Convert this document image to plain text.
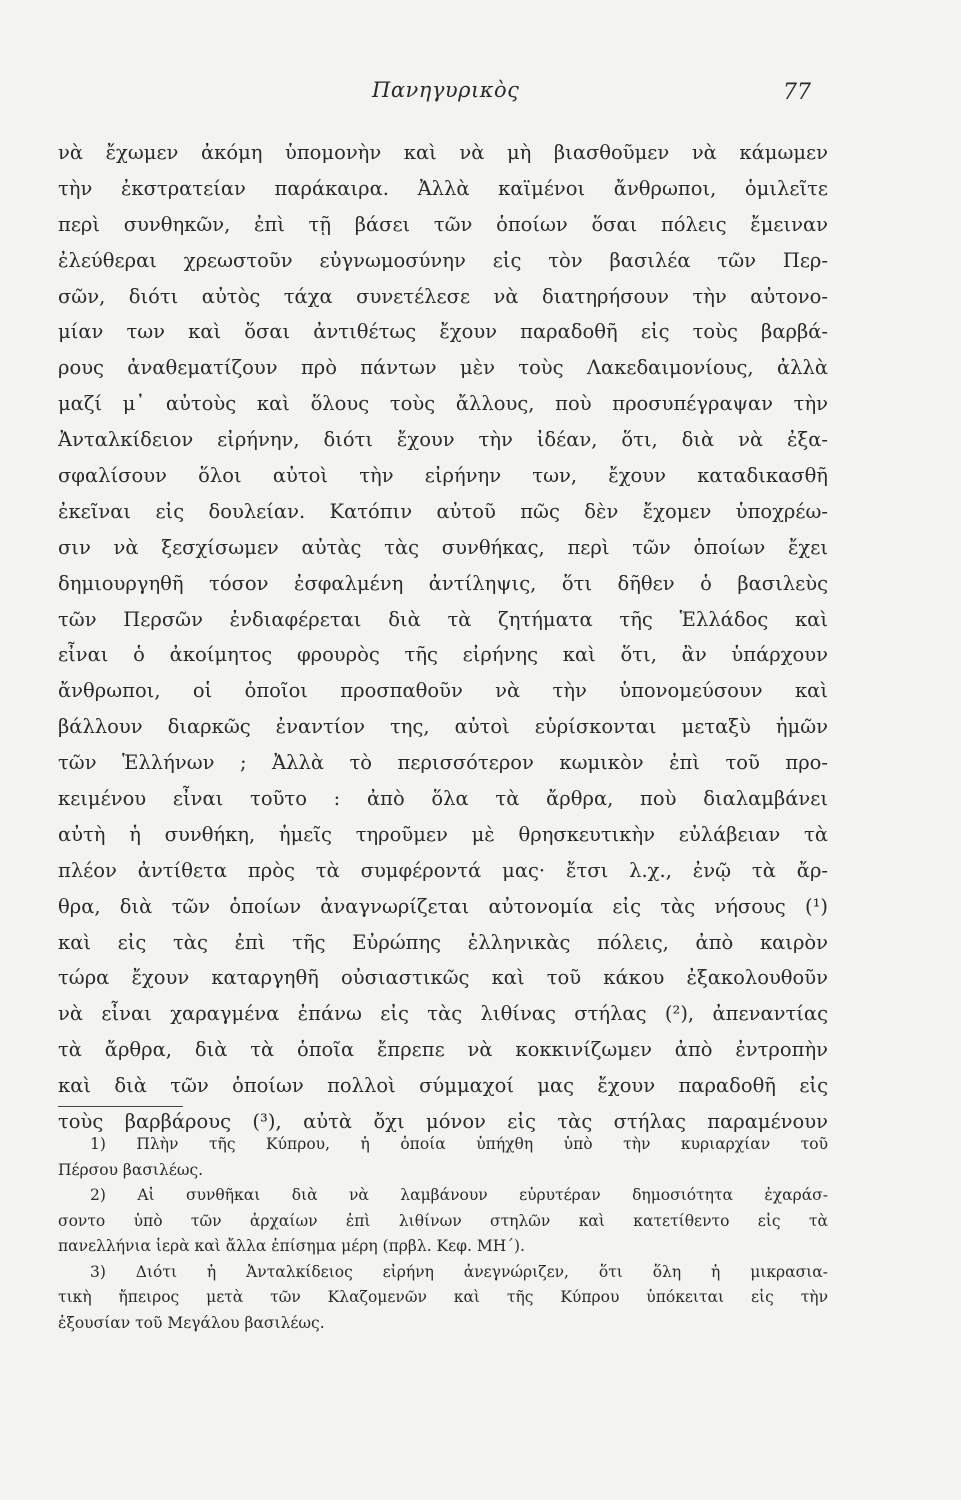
Πανηγυρικὸς	77
νὰ ἔχωμεν ἀκόμη ὑπομονὴν καὶ νὰ μὴ βιασθοῦμεν νὰ κάμωμεν
τὴν ἐκστρατείαν παράκαιρα. Ἀλλὰ καϊμένοι ἄνθρωποι, ὁμιλεῖτε
περὶ συνθηκῶν, ἐπὶ τῇ βάσει τῶν ὁποίων ὅσαι πόλεις ἔμειναν
ἐλεύθεραι χρεωστοῦν εὐγνωμοσύνην εἰς τὸν βασιλέα τῶν Περ-
σῶν, διότι αὐτὸς τάχα συνετέλεσε νὰ διατηρήσουν τὴν αὐτονο-
μίαν των καὶ ὅσαι ἀντιθέτως ἔχουν παραδοθῆ εἰς τοὺς βαρβά-
ρους ἀναθεματίζουν πρὸ πάντων μὲν τοὺς Λακεδαιμονίους, ἀλλὰ
μαζί μ᾽ αὐτοὺς καὶ ὅλους τοὺς ἄλλους, ποὺ προσυπέγραψαν τὴν
Ἀνταλκίδειον εἰρήνην, διότι ἔχουν τὴν ἰδέαν, ὅτι, διὰ νὰ ἐξα-
σφαλίσουν ὅλοι αὐτοὶ τὴν εἰρήνην των, ἔχουν καταδικασθῆ
ἐκεῖναι εἰς δουλείαν. Κατόπιν αὐτοῦ πῶς δὲν ἔχομεν ὑποχρέω-
σιν νὰ ξεσχίσωμεν αὐτὰς τὰς συνθήκας, περὶ τῶν ὁποίων ἔχει
δημιουργηθῆ τόσον ἐσφαλμένη ἀντίληψις, ὅτι δῆθεν ὁ βασιλεὺς
τῶν Περσῶν ἐνδιαφέρεται διὰ τὰ ζητήματα τῆς Ἑλλάδος καὶ
εἶναι ὁ ἀκοίμητος φρουρὸς τῆς εἰρήνης καὶ ὅτι, ἂν ὑπάρχουν
ἄνθρωποι, οἱ ὁποῖοι προσπαθοῦν νὰ τὴν ὑπονομεύσουν καὶ
βάλλουν διαρκῶς ἐναντίον της, αὐτοὶ εὑρίσκονται μεταξὺ ἡμῶν
τῶν Ἑλλήνων ; Ἀλλὰ τὸ περισσότερον κωμικὸν ἐπὶ τοῦ προ-
κειμένου εἶναι τοῦτο : ἀπὸ ὅλα τὰ ἄρθρα, ποὺ διαλαμβάνει
αὐτὴ ἡ συνθήκη, ἡμεῖς τηροῦμεν μὲ θρησκευτικὴν εὐλάβειαν τὰ
πλέον ἀντίθετα πρὸς τὰ συμφέροντά μας· ἔτσι λ.χ., ἐνῷ τὰ ἄρ-
θρα, διὰ τῶν ὁποίων ἀναγνωρίζεται αὐτονομία εἰς τὰς νήσους (¹)
καὶ εἰς τὰς ἐπὶ τῆς Εὐρώπης ἑλληνικὰς πόλεις, ἀπὸ καιρὸν
τώρα ἔχουν καταργηθῆ οὐσιαστικῶς καὶ τοῦ κάκου ἐξακολουθοῦν
νὰ εἶναι χαραγμένα ἐπάνω εἰς τὰς λιθίνας στήλας (²), ἀπεναντίας
τὰ ἄρθρα, διὰ τὰ ὁποῖα ἔπρεπε νὰ κοκκινίζωμεν ἀπὸ ἐντροπὴν
καὶ διὰ τῶν ὁποίων πολλοὶ σύμμαχοί μας ἔχουν παραδοθῆ εἰς
τοὺς βαρβάρους (³), αὐτὰ ὄχι μόνον εἰς τὰς στήλας παραμένουν
1) Πλὴν τῆς Κύπρου, ἡ ὁποία ὑπήχθη ὑπὸ τὴν κυριαρχίαν τοῦ
Πέρσου βασιλέως.
2) Αἱ συνθῆκαι διὰ νὰ λαμβάνουν εὐρυτέραν δημοσιότητα ἐχαράσ-
σοντο ὑπὸ τῶν ἀρχαίων ἐπὶ λιθίνων στηλῶν καὶ κατετίθεντο εἰς τὰ
πανελλήνια ἱερὰ καὶ ἄλλα ἐπίσημα μέρη (πρβλ. Κεφ. ΜΗ΄).
3) Διότι ἡ Ἀνταλκίδειος εἰρήνη ἀνεγνώριζεν, ὅτι ὅλη ἡ μικρασια-
τικὴ ἤπειρος μετὰ τῶν Κλαζομενῶν καὶ τῆς Κύπρου ὑπόκειται εἰς τὴν
ἐξουσίαν τοῦ Μεγάλου βασιλέως.
